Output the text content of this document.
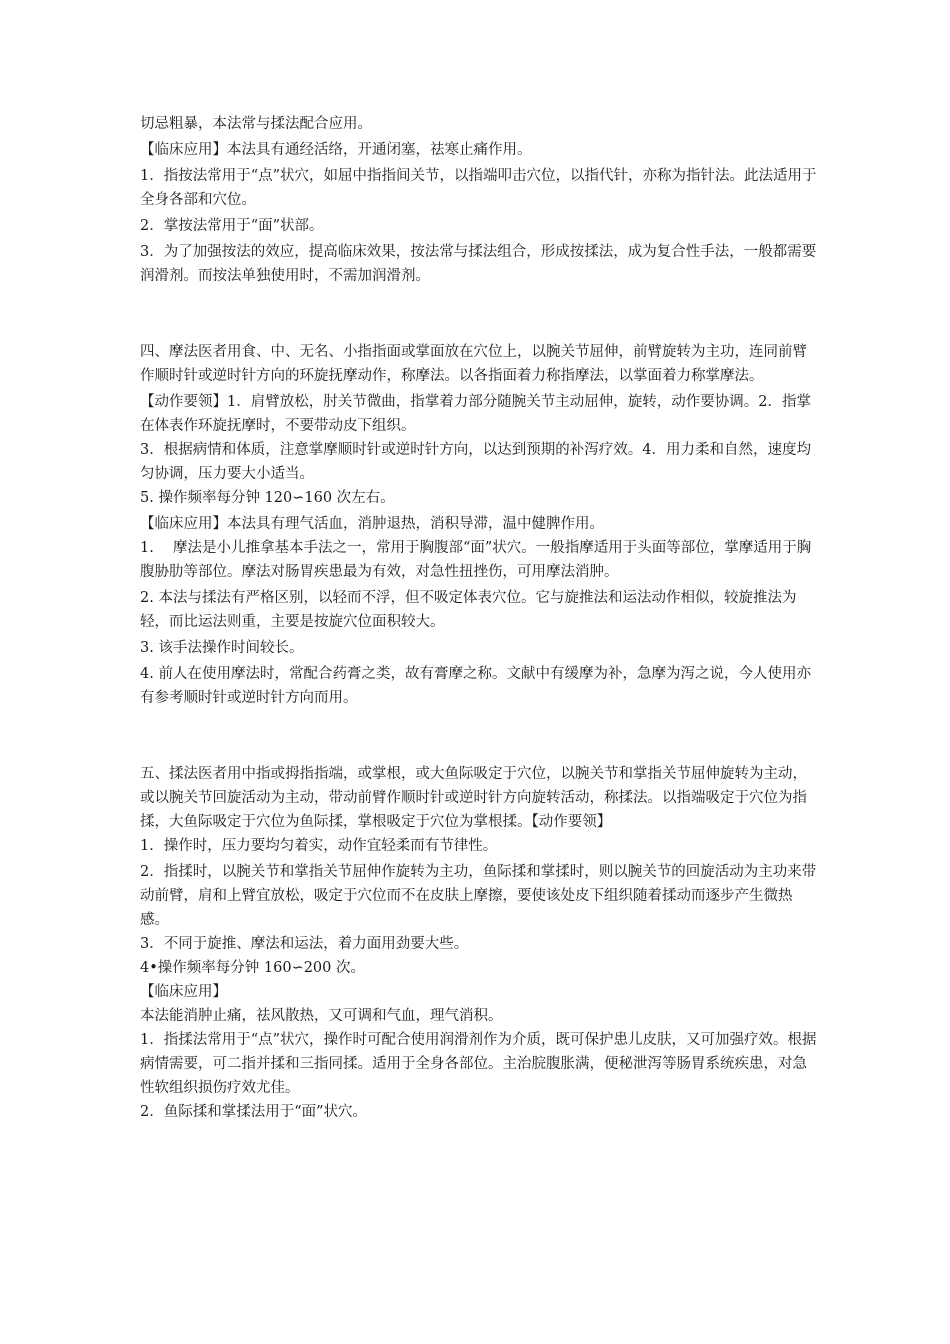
切忌粗暴，本法常与揉法配合应用。

【临床应用】本法具有通经活络，开通闭塞，祛寒止痛作用。

1．指按法常用于“点”状穴，如屈中指指间关节，以指端叩击穴位，以指代针，亦称为指针法。此法适用于全身各部和穴位。

2．掌按法常用于“面”状部。

3．为了加强按法的效应，提高临床效果，按法常与揉法组合，形成按揉法，成为复合性手法，一般都需要润滑剂。而按法单独使用时，不需加润滑剂。

四、摩法医者用食、中、无名、小指指面或掌面放在穴位上，以腕关节屈伸，前臂旋转为主功，连同前臂作顺时针或逆时针方向的环旋抚摩动作，称摩法。以各指面着力称指摩法，以掌面着力称掌摩法。

【动作要领】1．肩臂放松，肘关节微曲，指掌着力部分随腕关节主动屈伸，旋转，动作要协调。2．指掌在体表作环旋抚摩时，不要带动皮下组织。

3．根据病情和体质，注意掌摩顺时针或逆时针方向，以达到预期的补泻疗效。4．用力柔和自然，速度均匀协调，压力要大小适当。

5. 操作频率每分钟 120∽160 次左右。

【临床应用】本法具有理气活血，消肿退热，消积导滞，温中健脾作用。

1.　 摩法是小儿推拿基本手法之一，常用于胸腹部“面”状穴。一般指摩适用于头面等部位，掌摩适用于胸腹胁肋等部位。摩法对肠胃疾患最为有效，对急性扭挫伤，可用摩法消肿。

2. 本法与揉法有严格区别，以轻而不浮，但不吸定体表穴位。它与旋推法和运法动作相似，较旋推法为轻，而比运法则重，主要是按旋穴位面积较大。

3. 该手法操作时间较长。

4. 前人在使用摩法时，常配合药膏之类，故有膏摩之称。文献中有缓摩为补，急摩为泻之说，今人使用亦有参考顺时针或逆时针方向而用。

五、揉法医者用中指或拇指指端，或掌根，或大鱼际吸定于穴位，以腕关节和掌指关节屈伸旋转为主动，或以腕关节回旋活动为主动，带动前臂作顺时针或逆时针方向旋转活动，称揉法。以指端吸定于穴位为指揉，大鱼际吸定于穴位为鱼际揉，掌根吸定于穴位为掌根揉。【动作要领】

1．操作时，压力要均匀着实，动作宜轻柔而有节律性。

2．指揉时，以腕关节和掌指关节屈伸作旋转为主功，鱼际揉和掌揉时，则以腕关节的回旋活动为主功来带动前臂，肩和上臂宜放松，吸定于穴位而不在皮肤上摩擦，要使该处皮下组织随着揉动而逐步产生微热感。

3．不同于旋推、摩法和运法，着力面用劲要大些。

4•操作频率每分钟 160∽200 次。

【临床应用】

本法能消肿止痛，祛风散热，又可调和气血，理气消积。

1．指揉法常用于“点”状穴，操作时可配合使用润滑剂作为介质，既可保护患儿皮肤，又可加强疗效。根据病情需要，可二指并揉和三指同揉。适用于全身各部位。主治脘腹胀满，便秘泄泻等肠胃系统疾患，对急性软组织损伤疗效尤佳。

2．鱼际揉和掌揉法用于“面”状穴。
